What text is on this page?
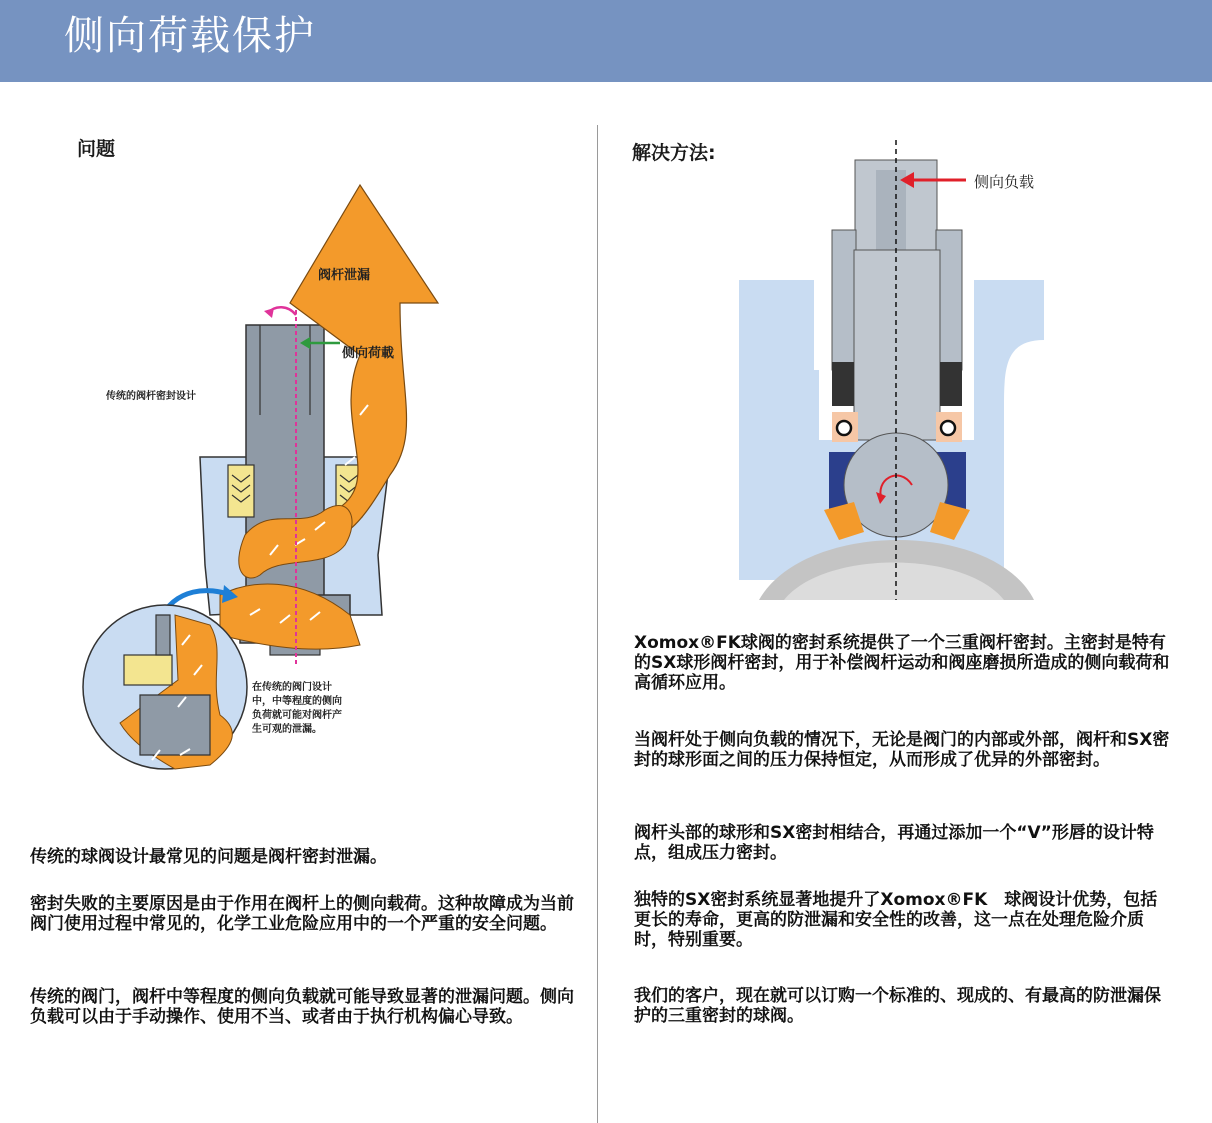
侧向荷载保护
问题
阀杆泄漏
侧向荷載
传统的阀杆密封设计
在传统的阀门设计
中，中等程度的侧向
负荷就可能对阀杆产
生可观的泄漏。

传统的球阀设计最常见的问题是阀杆密封泄漏。

密封失败的主要原因是由于作用在阀杆上的侧向载荷。这种故障成为当前阀门使用过程中常见的，化学工业危险应用中的一个严重的安全问题。

传统的阀门，阀杆中等程度的侧向负载就可能导致显著的泄漏问题。侧向负载可以由于手动操作、使用不当、或者由于执行机构偏心导致。

解决方法:
侧向负载

Xomox®FK球阀的密封系统提供了一个三重阀杆密封。主密封是特有的SX球形阀杆密封，用于补偿阀杆运动和阀座磨损所造成的侧向载荷和高循环应用。

当阀杆处于侧向负载的情况下，无论是阀门的内部或外部，阀杆和SX密封的球形面之间的压力保持恒定，从而形成了优异的外部密封。

阀杆头部的球形和SX密封相结合，再通过添加一个“V”形唇的设计特点，组成压力密封。

独特的SX密封系统显著地提升了Xomox®FK　球阀设计优势，包括更长的寿命，更高的防泄漏和安全性的改善，这一点在处理危险介质时，特别重要。

我们的客户，现在就可以订购一个标准的、现成的、有最高的防泄漏保护的三重密封的球阀。
